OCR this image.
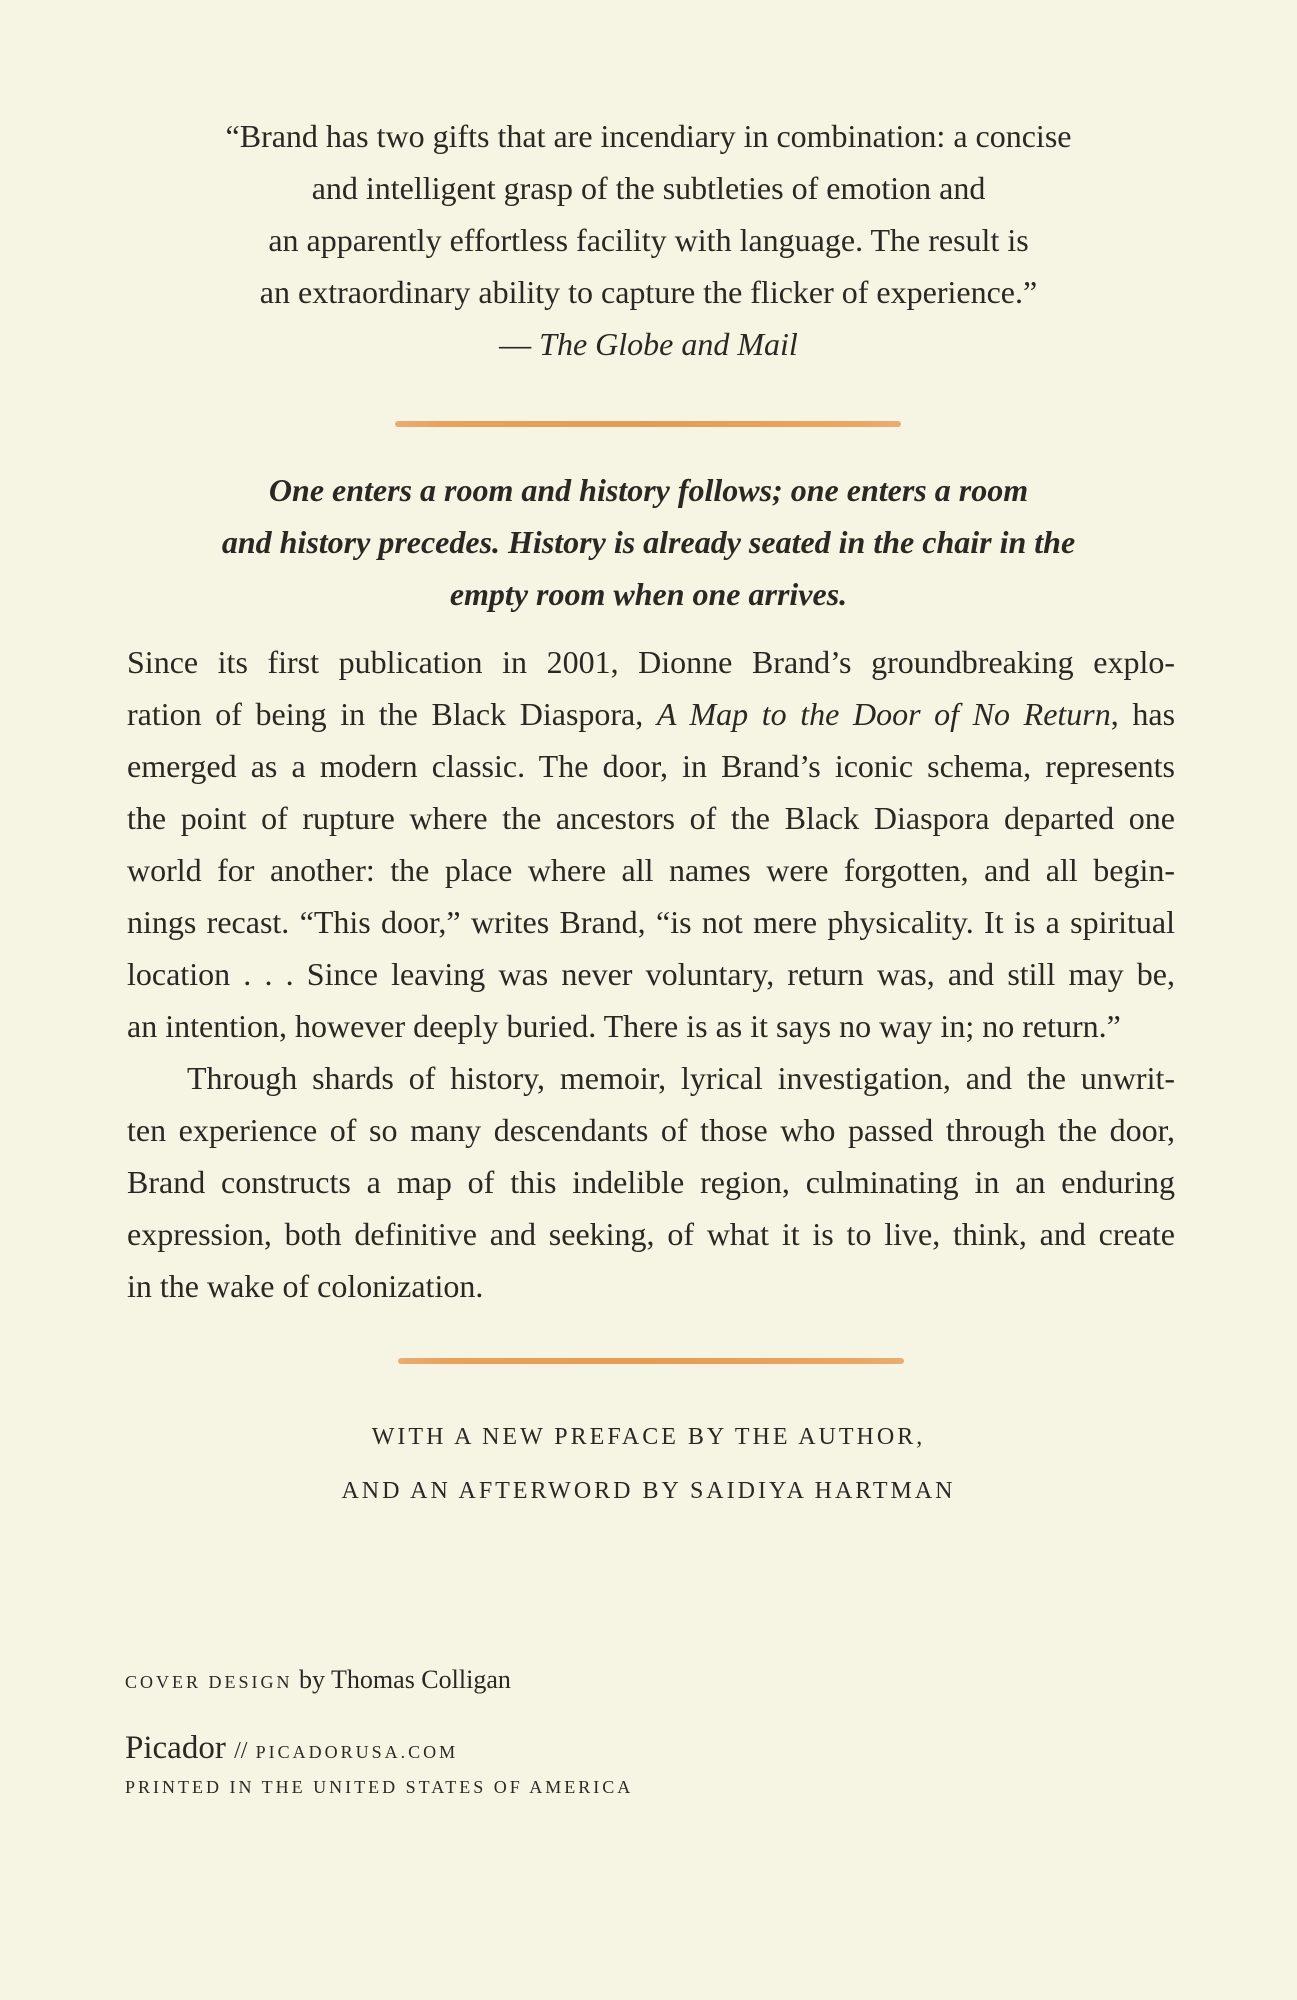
“Brand has two gifts that are incendiary in combination: a concise
and intelligent grasp of the subtleties of emotion and
an apparently effortless facility with language. The result is
an extraordinary ability to capture the flicker of experience.”
— The Globe and Mail
One enters a room and history follows; one enters a room
and history precedes. History is already seated in the chair in the
empty room when one arrives.
Since its first publication in 2001, Dionne Brand’s groundbreaking explo-
ration of being in the Black Diaspora, A Map to the Door of No Return, has
emerged as a modern classic. The door, in Brand’s iconic schema, represents
the point of rupture where the ancestors of the Black Diaspora departed one
world for another: the place where all names were forgotten, and all begin-
nings recast. “This door,” writes Brand, “is not mere physicality. It is a spiritual
location . . . Since leaving was never voluntary, return was, and still may be,
an intention, however deeply buried. There is as it says no way in; no return.”
Through shards of history, memoir, lyrical investigation, and the unwrit-
ten experience of so many descendants of those who passed through the door,
Brand constructs a map of this indelible region, culminating in an enduring
expression, both definitive and seeking, of what it is to live, think, and create
in the wake of colonization.
WITH A NEW PREFACE BY THE AUTHOR,
AND AN AFTERWORD BY SAIDIYA HARTMAN
COVER DESIGN by Thomas Colligan
Picador // PICADORUSA.COM
PRINTED IN THE UNITED STATES OF AMERICA
